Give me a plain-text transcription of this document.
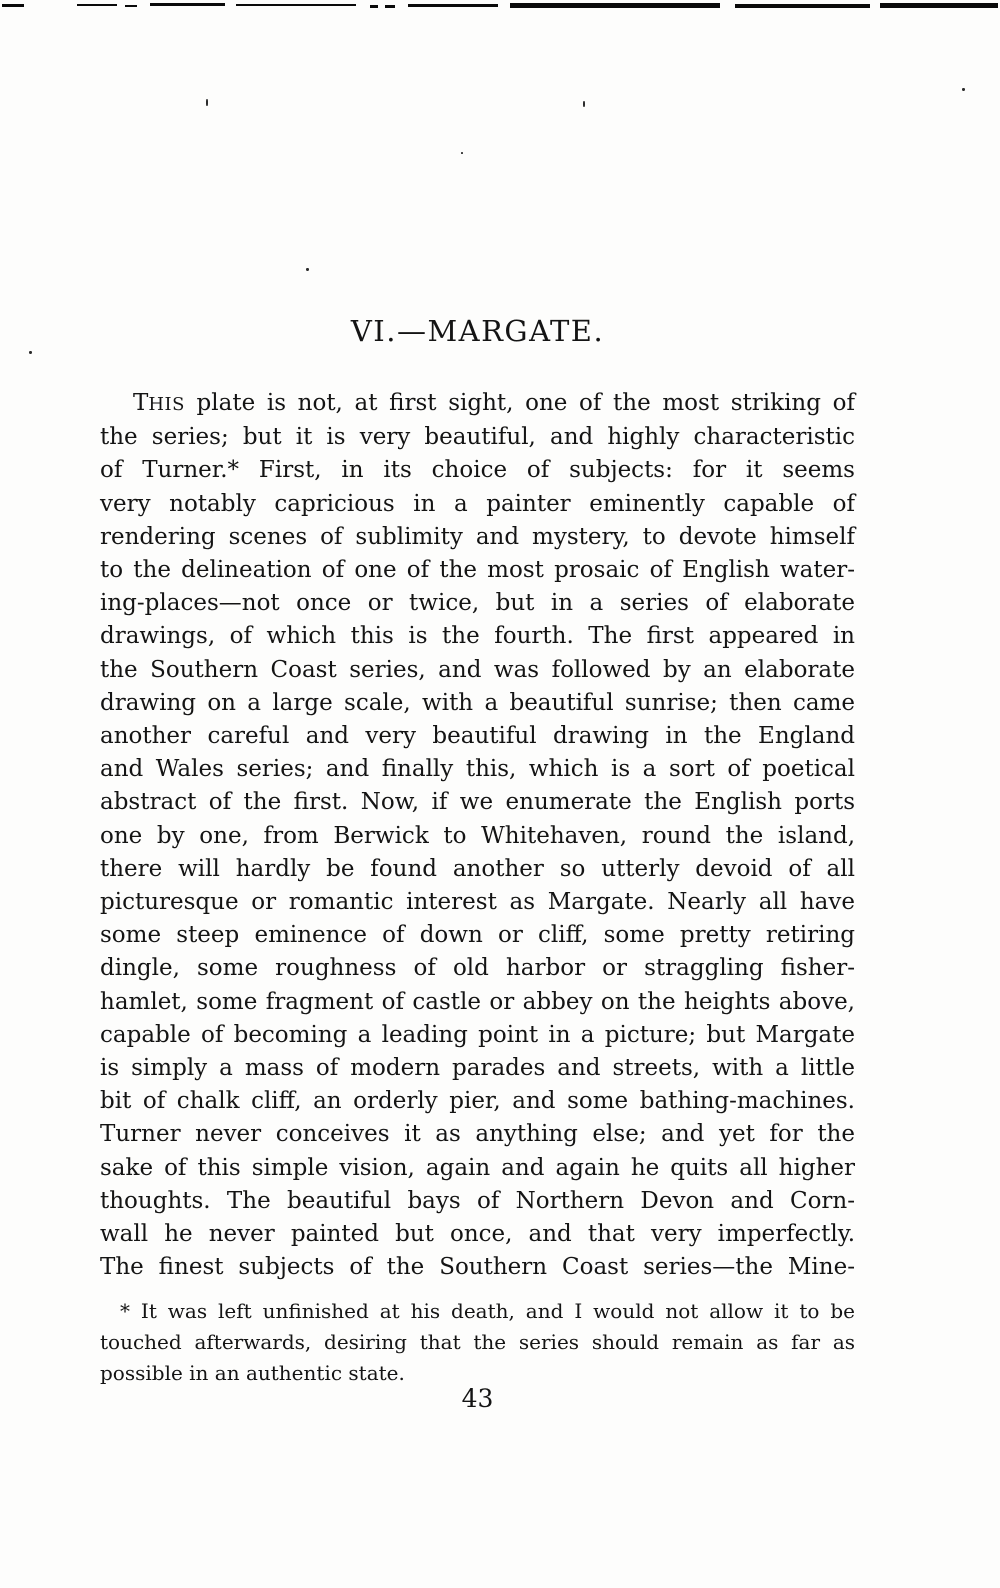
VI.—MARGATE.
THIS plate is not, at first sight, one of the most striking of
the series; but it is very beautiful, and highly characteristic
of Turner.* First, in its choice of subjects: for it seems
very notably capricious in a painter eminently capable of
rendering scenes of sublimity and mystery, to devote himself
to the delineation of one of the most prosaic of English water-
ing-places—not once or twice, but in a series of elaborate
drawings, of which this is the fourth. The first appeared in
the Southern Coast series, and was followed by an elaborate
drawing on a large scale, with a beautiful sunrise; then came
another careful and very beautiful drawing in the England
and Wales series; and finally this, which is a sort of poetical
abstract of the first. Now, if we enumerate the English ports
one by one, from Berwick to Whitehaven, round the island,
there will hardly be found another so utterly devoid of all
picturesque or romantic interest as Margate. Nearly all have
some steep eminence of down or cliff, some pretty retiring
dingle, some roughness of old harbor or straggling fisher-
hamlet, some fragment of castle or abbey on the heights above,
capable of becoming a leading point in a picture; but Margate
is simply a mass of modern parades and streets, with a little
bit of chalk cliff, an orderly pier, and some bathing-machines.
Turner never conceives it as anything else; and yet for the
sake of this simple vision, again and again he quits all higher
thoughts. The beautiful bays of Northern Devon and Corn-
wall he never painted but once, and that very imperfectly.
The finest subjects of the Southern Coast series—the Mine-
* It was left unfinished at his death, and I would not allow it to be
touched afterwards, desiring that the series should remain as far as
possible in an authentic state.
43
